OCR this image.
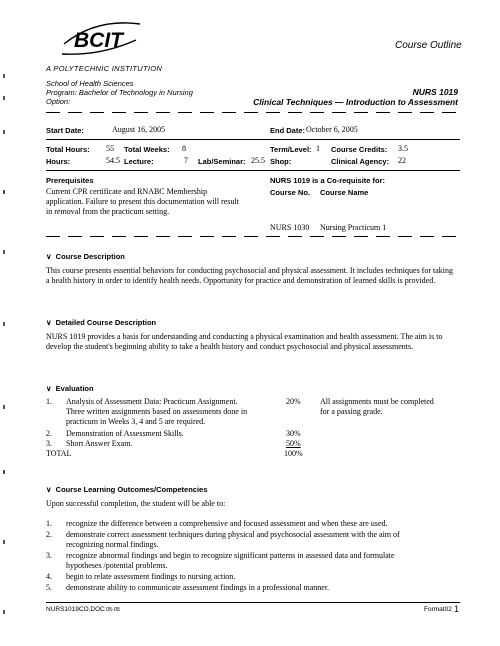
BCIT
A POLYTECHNIC INSTITUTION
Course Outline
School of Health Sciences
Program: Bachelor of Technology in Nursing
Option:
NURS 1019
Clinical Techniques — Introduction to Assessment
Start Date:	August 16, 2005	End Date: October 6, 2005
Total Hours: 55 Total Weeks: 8	Term/Level: 1 Course Credits: 3.5
Hours:	54.5 Lecture:	7 Lab/Seminar: 25.5 Shop:	Clinical Agency: 22
Prerequisites
Current CPR certificate and RNABC Membership
application. Failure to present this documentation will result
in removal from the practicum setting.
NURS 1019 is a Co-requisite for:
Course No. Course Name
NURS 1030 Nursing Practicum 1
∨  Course Description
This course presents essential behaviors for conducting psychosocial and physical assessment. It includes techniques for taking a health history in order to identify health needs. Opportunity for practice and demonstration of learned skills is provided.
∨  Detailed Course Description
NURS 1019 provides a basis for understanding and conducting a physical examination and health assessment. The aim is to develop the student's beginning ability to take a health history and conduct psychosocial and physical assessments.
∨  Evaluation
1. Analysis of Assessment Data: Practicum Assignment.
Three written assignments based on assessments done in
practicum in Weeks 3, 4 and 5 are required.
20% All assignments must be completed
for a passing grade.
2. Demonstration of Assessment Skills.	30%
3. Short Answer Exam.	50%
TOTAL	100%
∨  Course Learning Outcomes/Competencies
Upon successful completion, the student will be able to:
1. recognize the difference between a comprehensive and focused assessment and when these are used.
2. demonstrate correct assessment techniques during physical and psychosocial assessment with the aim of
recognizing normal findings.
3. recognize abnormal findings and begin to recognize significant patterns in assessed data and formulate
hypotheses /potential problems.
4. begin to relate assessment findings to nursing action.
5. demonstrate ability to communicate assessment findings in a professional manner.
NURS1019CO.DOC 05-05	Format02 1
